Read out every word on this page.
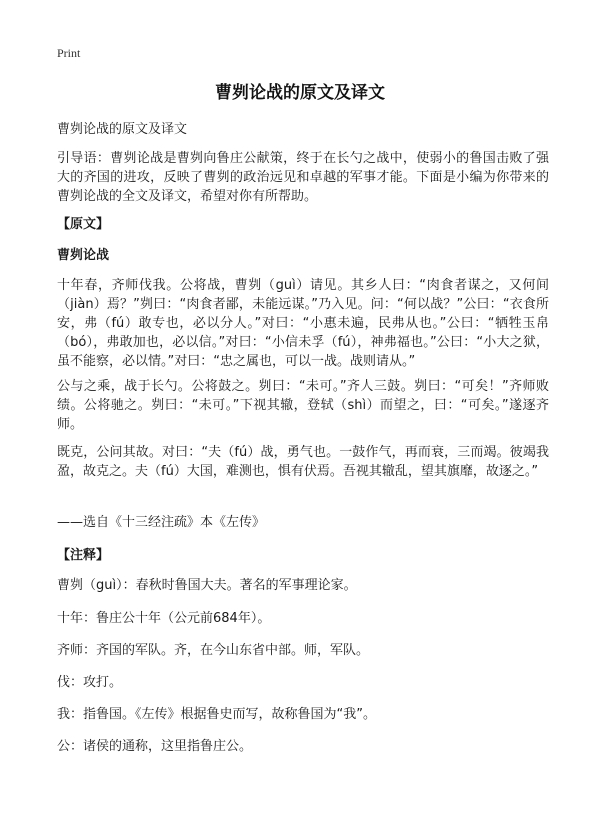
Print
曹刿论战的原文及译文
曹刿论战的原文及译文
引导语：曹刿论战是曹刿向鲁庄公献策，终于在长勺之战中，使弱小的鲁国击败了强大的齐国的进攻，反映了曹刿的政治远见和卓越的军事才能。下面是小编为你带来的曹刿论战的全文及译文，希望对你有所帮助。
【原文】
曹刿论战
十年春，齐师伐我。公将战，曹刿（guì）请见。其乡人曰：“肉食者谋之，又何间（jiàn）焉？”刿曰：“肉食者鄙，未能远谋。”乃入见。问：“何以战？”公曰：“衣食所安，弗（fú）敢专也，必以分人。”对曰：“小惠未遍，民弗从也。”公曰：“牺牲玉帛（bó），弗敢加也，必以信。”对曰：“小信未孚（fú），神弗福也。”公曰：“小大之狱，虽不能察，必以情。”对曰：“忠之属也，可以一战。战则请从。”
公与之乘，战于长勺。公将鼓之。刿曰：“未可。”齐人三鼓。刿曰：“可矣！”齐师败绩。公将驰之。刿曰：“未可。”下视其辙，登轼（shì）而望之，曰：“可矣。”遂逐齐师。
既克，公问其故。对曰：“夫（fú）战，勇气也。一鼓作气，再而衰，三而竭。彼竭我盈，故克之。夫（fú）大国，难测也，惧有伏焉。吾视其辙乱，望其旗靡，故逐之。”
——选自《十三经注疏》本《左传》
【注释】
曹刿（guì）：春秋时鲁国大夫。著名的军事理论家。
十年：鲁庄公十年（公元前684年）。
齐师：齐国的军队。齐，在今山东省中部。师，军队。
伐：攻打。
我：指鲁国。《左传》根据鲁史而写，故称鲁国为“我”。
公：诸侯的通称，这里指鲁庄公。
